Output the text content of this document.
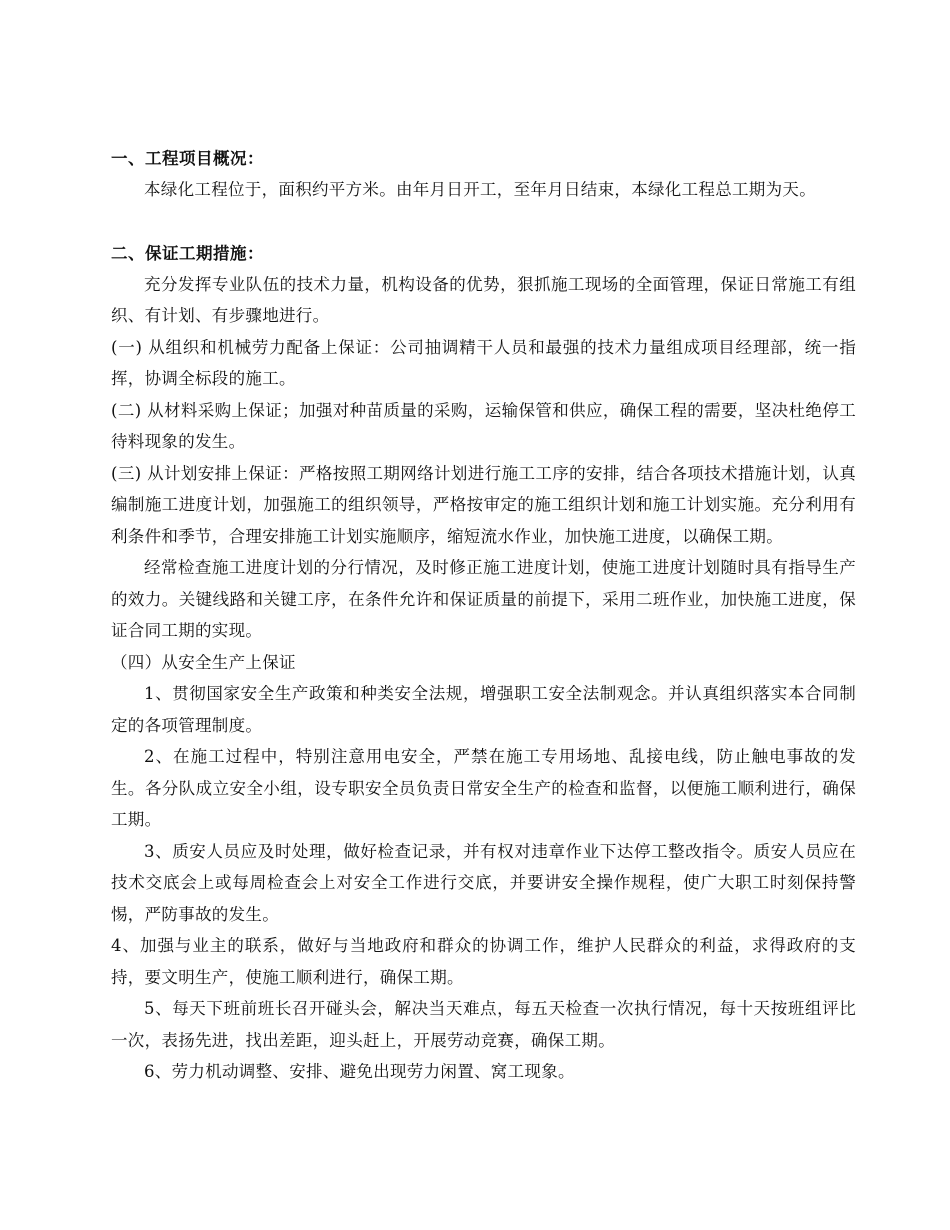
一、工程项目概况：
本绿化工程位于，面积约平方米。由年月日开工，至年月日结束，本绿化工程总工期为天。
二、保证工期措施：
充分发挥专业队伍的技术力量，机构设备的优势，狠抓施工现场的全面管理，保证日常施工有组织、有计划、有步骤地进行。
(一) 从组织和机械劳力配备上保证：公司抽调精干人员和最强的技术力量组成项目经理部，统一指挥，协调全标段的施工。
(二) 从材料采购上保证；加强对种苗质量的采购，运输保管和供应，确保工程的需要，坚决杜绝停工待料现象的发生。
(三) 从计划安排上保证：严格按照工期网络计划进行施工工序的安排，结合各项技术措施计划，认真编制施工进度计划，加强施工的组织领导，严格按审定的施工组织计划和施工计划实施。充分利用有利条件和季节，合理安排施工计划实施顺序，缩短流水作业，加快施工进度，以确保工期。
经常检查施工进度计划的分行情况，及时修正施工进度计划，使施工进度计划随时具有指导生产的效力。关键线路和关键工序，在条件允许和保证质量的前提下，采用二班作业，加快施工进度，保证合同工期的实现。
（四）从安全生产上保证
1、贯彻国家安全生产政策和种类安全法规，增强职工安全法制观念。并认真组织落实本合同制定的各项管理制度。
2、在施工过程中，特别注意用电安全，严禁在施工专用场地、乱接电线，防止触电事故的发生。各分队成立安全小组，设专职安全员负责日常安全生产的检查和监督，以便施工顺利进行，确保工期。
3、质安人员应及时处理，做好检查记录，并有权对违章作业下达停工整改指令。质安人员应在技术交底会上或每周检查会上对安全工作进行交底，并要讲安全操作规程，使广大职工时刻保持警惕，严防事故的发生。
4、加强与业主的联系，做好与当地政府和群众的协调工作，维护人民群众的利益，求得政府的支持，要文明生产，使施工顺利进行，确保工期。
5、每天下班前班长召开碰头会，解决当天难点，每五天检查一次执行情况，每十天按班组评比一次，表扬先进，找出差距，迎头赶上，开展劳动竞赛，确保工期。
6、劳力机动调整、安排、避免出现劳力闲置、窝工现象。
